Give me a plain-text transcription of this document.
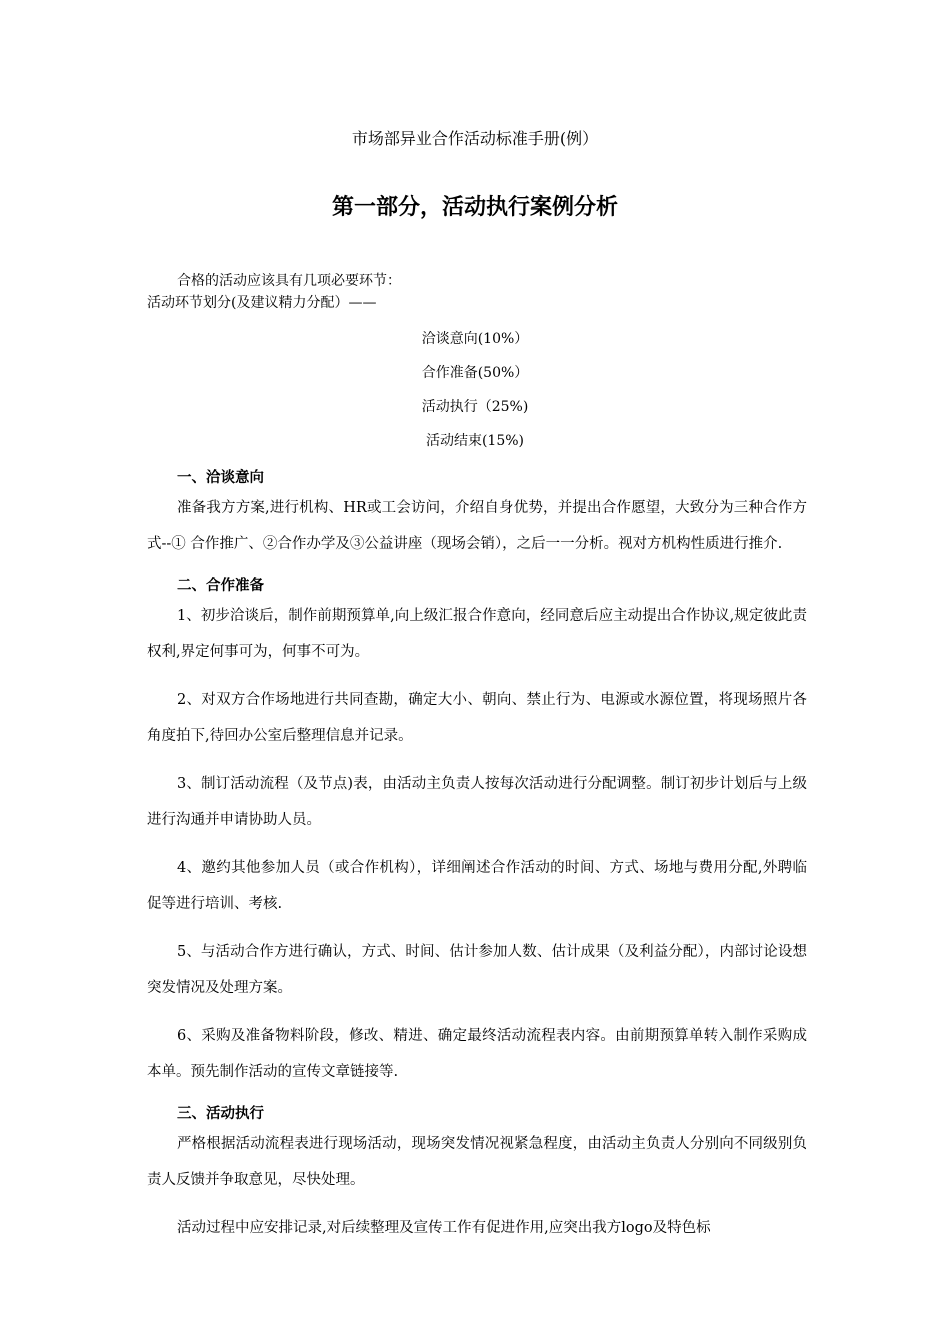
市场部异业合作活动标准手册(例）
第一部分，活动执行案例分析
合格的活动应该具有几项必要环节：
活动环节划分(及建议精力分配）——
洽谈意向(10%）
合作准备(50%）
活动执行（25%)
活动结束(15%)
一、洽谈意向
准备我方方案,进行机构、HR或工会访问，介绍自身优势，并提出合作愿望，大致分为三种合作方式--① 合作推广、②合作办学及③公益讲座（现场会销），之后一一分析。视对方机构性质进行推介.
二、合作准备
1、初步洽谈后，制作前期预算单,向上级汇报合作意向，经同意后应主动提出合作协议,规定彼此责权利,界定何事可为，何事不可为。
2、对双方合作场地进行共同查勘，确定大小、朝向、禁止行为、电源或水源位置，将现场照片各角度拍下,待回办公室后整理信息并记录。
3、制订活动流程（及节点)表，由活动主负责人按每次活动进行分配调整。制订初步计划后与上级进行沟通并申请协助人员。
4、邀约其他参加人员（或合作机构），详细阐述合作活动的时间、方式、场地与费用分配,外聘临促等进行培训、考核.
5、与活动合作方进行确认，方式、时间、估计参加人数、估计成果（及利益分配），内部讨论设想突发情况及处理方案。
6、采购及准备物料阶段，修改、精进、确定最终活动流程表内容。由前期预算单转入制作采购成本单。预先制作活动的宣传文章链接等.
三、活动执行
严格根据活动流程表进行现场活动，现场突发情况视紧急程度，由活动主负责人分别向不同级别负责人反馈并争取意见，尽快处理。
活动过程中应安排记录,对后续整理及宣传工作有促进作用,应突出我方logo及特色标
